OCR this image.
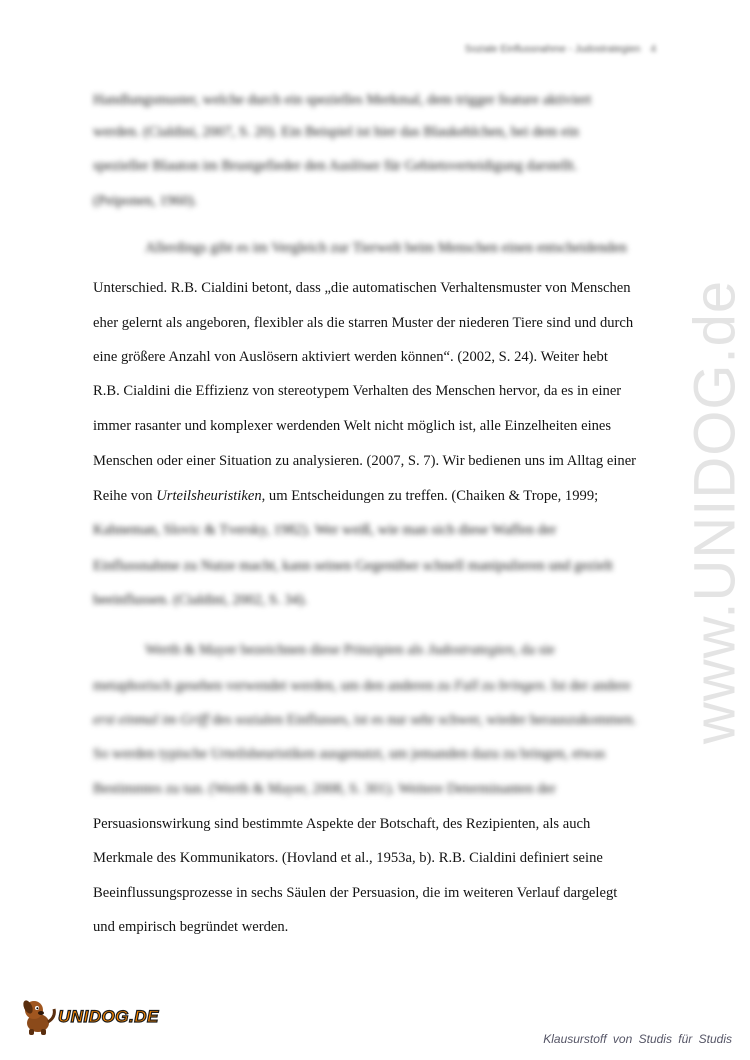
Soziale Einflussnahme - Judostrategien 4
Handlungsmuster, welche durch ein spezielles Merkmal, dem trigger feature aktiviert
werden. (Cialdini, 2007, S. 20). Ein Beispiel ist hier das Blaukehlchen, bei dem ein
spezieller Blauton im Brustgefieder den Auslöser für Gebietsverteidigung darstellt.
(Peiponen, 1960).
Allerdings gibt es im Vergleich zur Tierwelt beim Menschen einen entscheidenden
Unterschied. R.B. Cialdini betont, dass „die automatischen Verhaltensmuster von Menschen
eher gelernt als angeboren, flexibler als die starren Muster der niederen Tiere sind und durch
eine größere Anzahl von Auslösern aktiviert werden können“. (2002, S. 24). Weiter hebt
R.B. Cialdini die Effizienz von stereotypem Verhalten des Menschen hervor, da es in einer
immer rasanter und komplexer werdenden Welt nicht möglich ist, alle Einzelheiten eines
Menschen oder einer Situation zu analysieren. (2007, S. 7). Wir bedienen uns im Alltag einer
Reihe von Urteilsheuristiken, um Entscheidungen zu treffen. (Chaiken & Trope, 1999;
Kahneman, Slovic & Tversky, 1982). Wer weiß, wie man sich diese Waffen der
Einflussnahme zu Nutze macht, kann seinen Gegenüber schnell manipulieren und gezielt
beeinflussen. (Cialdini, 2002, S. 34).
Werth & Mayer bezeichnen diese Prinzipien als Judostrategien, da sie
metaphorisch gesehen verwendet werden, um den anderen zu Fall zu bringen. Ist der andere
erst einmal im Griff des sozialen Einflusses, ist es nur sehr schwer, wieder herauszukommen.
So werden typische Urteilsheuristiken ausgenutzt, um jemanden dazu zu bringen, etwas
Bestimmtes zu tun. (Werth & Mayer, 2008, S. 301). Weitere Determinanten der
Persuasionswirkung sind bestimmte Aspekte der Botschaft, des Rezipienten, als auch
Merkmale des Kommunikators. (Hovland et al., 1953a, b). R.B. Cialdini definiert seine
Beeinflussungsprozesse in sechs Säulen der Persuasion, die im weiteren Verlauf dargelegt
und empirisch begründet werden.
www.UNIDOG.de
UNIDOG.DE
Klausurstoff von Studis für Studis
